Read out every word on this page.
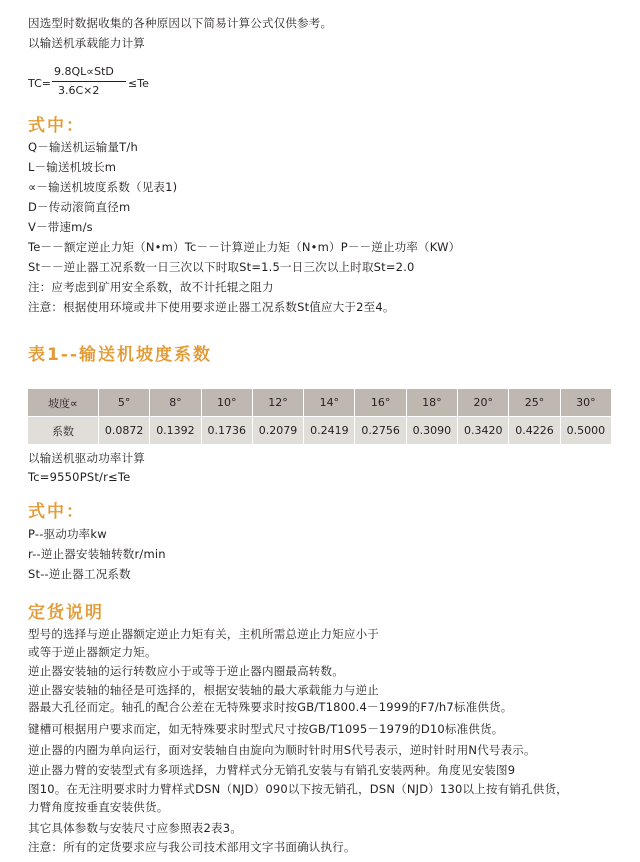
因选型时数据收集的各种原因以下简易计算公式仅供参考。
以输送机承载能力计算
TC=
9.8QL∝StD
3.6C×2
≤Te
式中：
Q－输送机运输量T/h
L－输送机坡长m
∝－输送机坡度系数（见表1)
D－传动滚筒直径m
V－带速m/s
Te－－额定逆止力矩（N•m）Tc－－计算逆止力矩（N•m）P－－逆止功率（KW）
St－－逆止器工况系数一日三次以下时取St=1.5一日三次以上时取St=2.0
注：应考虑到矿用安全系数，故不计托辊之阻力
注意：根据使用环境或井下使用要求逆止器工况系数St值应大于2至4。
表1--输送机坡度系数
坡度∝	5°	8°	10°	12°	14°	16°	18°	20°	25°	30°
系数	0.0872	0.1392	0.1736	0.2079	0.2419	0.2756	0.3090	0.3420	0.4226	0.5000
以输送机驱动功率计算
Tc=9550PSt/r≤Te
式中：
P--驱动功率kw
r--逆止器安装轴转数r/min
St--逆止器工况系数
定货说明
型号的选择与逆止器额定逆止力矩有关，主机所需总逆止力矩应小于
或等于逆止器额定力矩。
逆止器安装轴的运行转数应小于或等于逆止器内圈最高转数。
逆止器安装轴的轴径是可选择的，根据安装轴的最大承载能力与逆止
器最大孔径而定。轴孔的配合公差在无特殊要求时按GB/T1800.4－1999的F7/h7标准供货。
键槽可根据用户要求而定，如无特殊要求时型式尺寸按GB/T1095－1979的D10标准供货。
逆止器的内圈为单向运行，面对安装轴自由旋向为顺时针时用S代号表示，逆时针时用N代号表示。
逆止器力臂的安装型式有多项选择，力臂样式分无销孔安装与有销孔安装两种。角度见安装图9
图10。在无注明要求时力臂样式DSN（NJD）090以下按无销孔，DSN（NJD）130以上按有销孔供货，
力臂角度按垂直安装供货。
其它具体参数与安装尺寸应参照表2表3。
注意：所有的定货要求应与我公司技术部用文字书面确认执行。
